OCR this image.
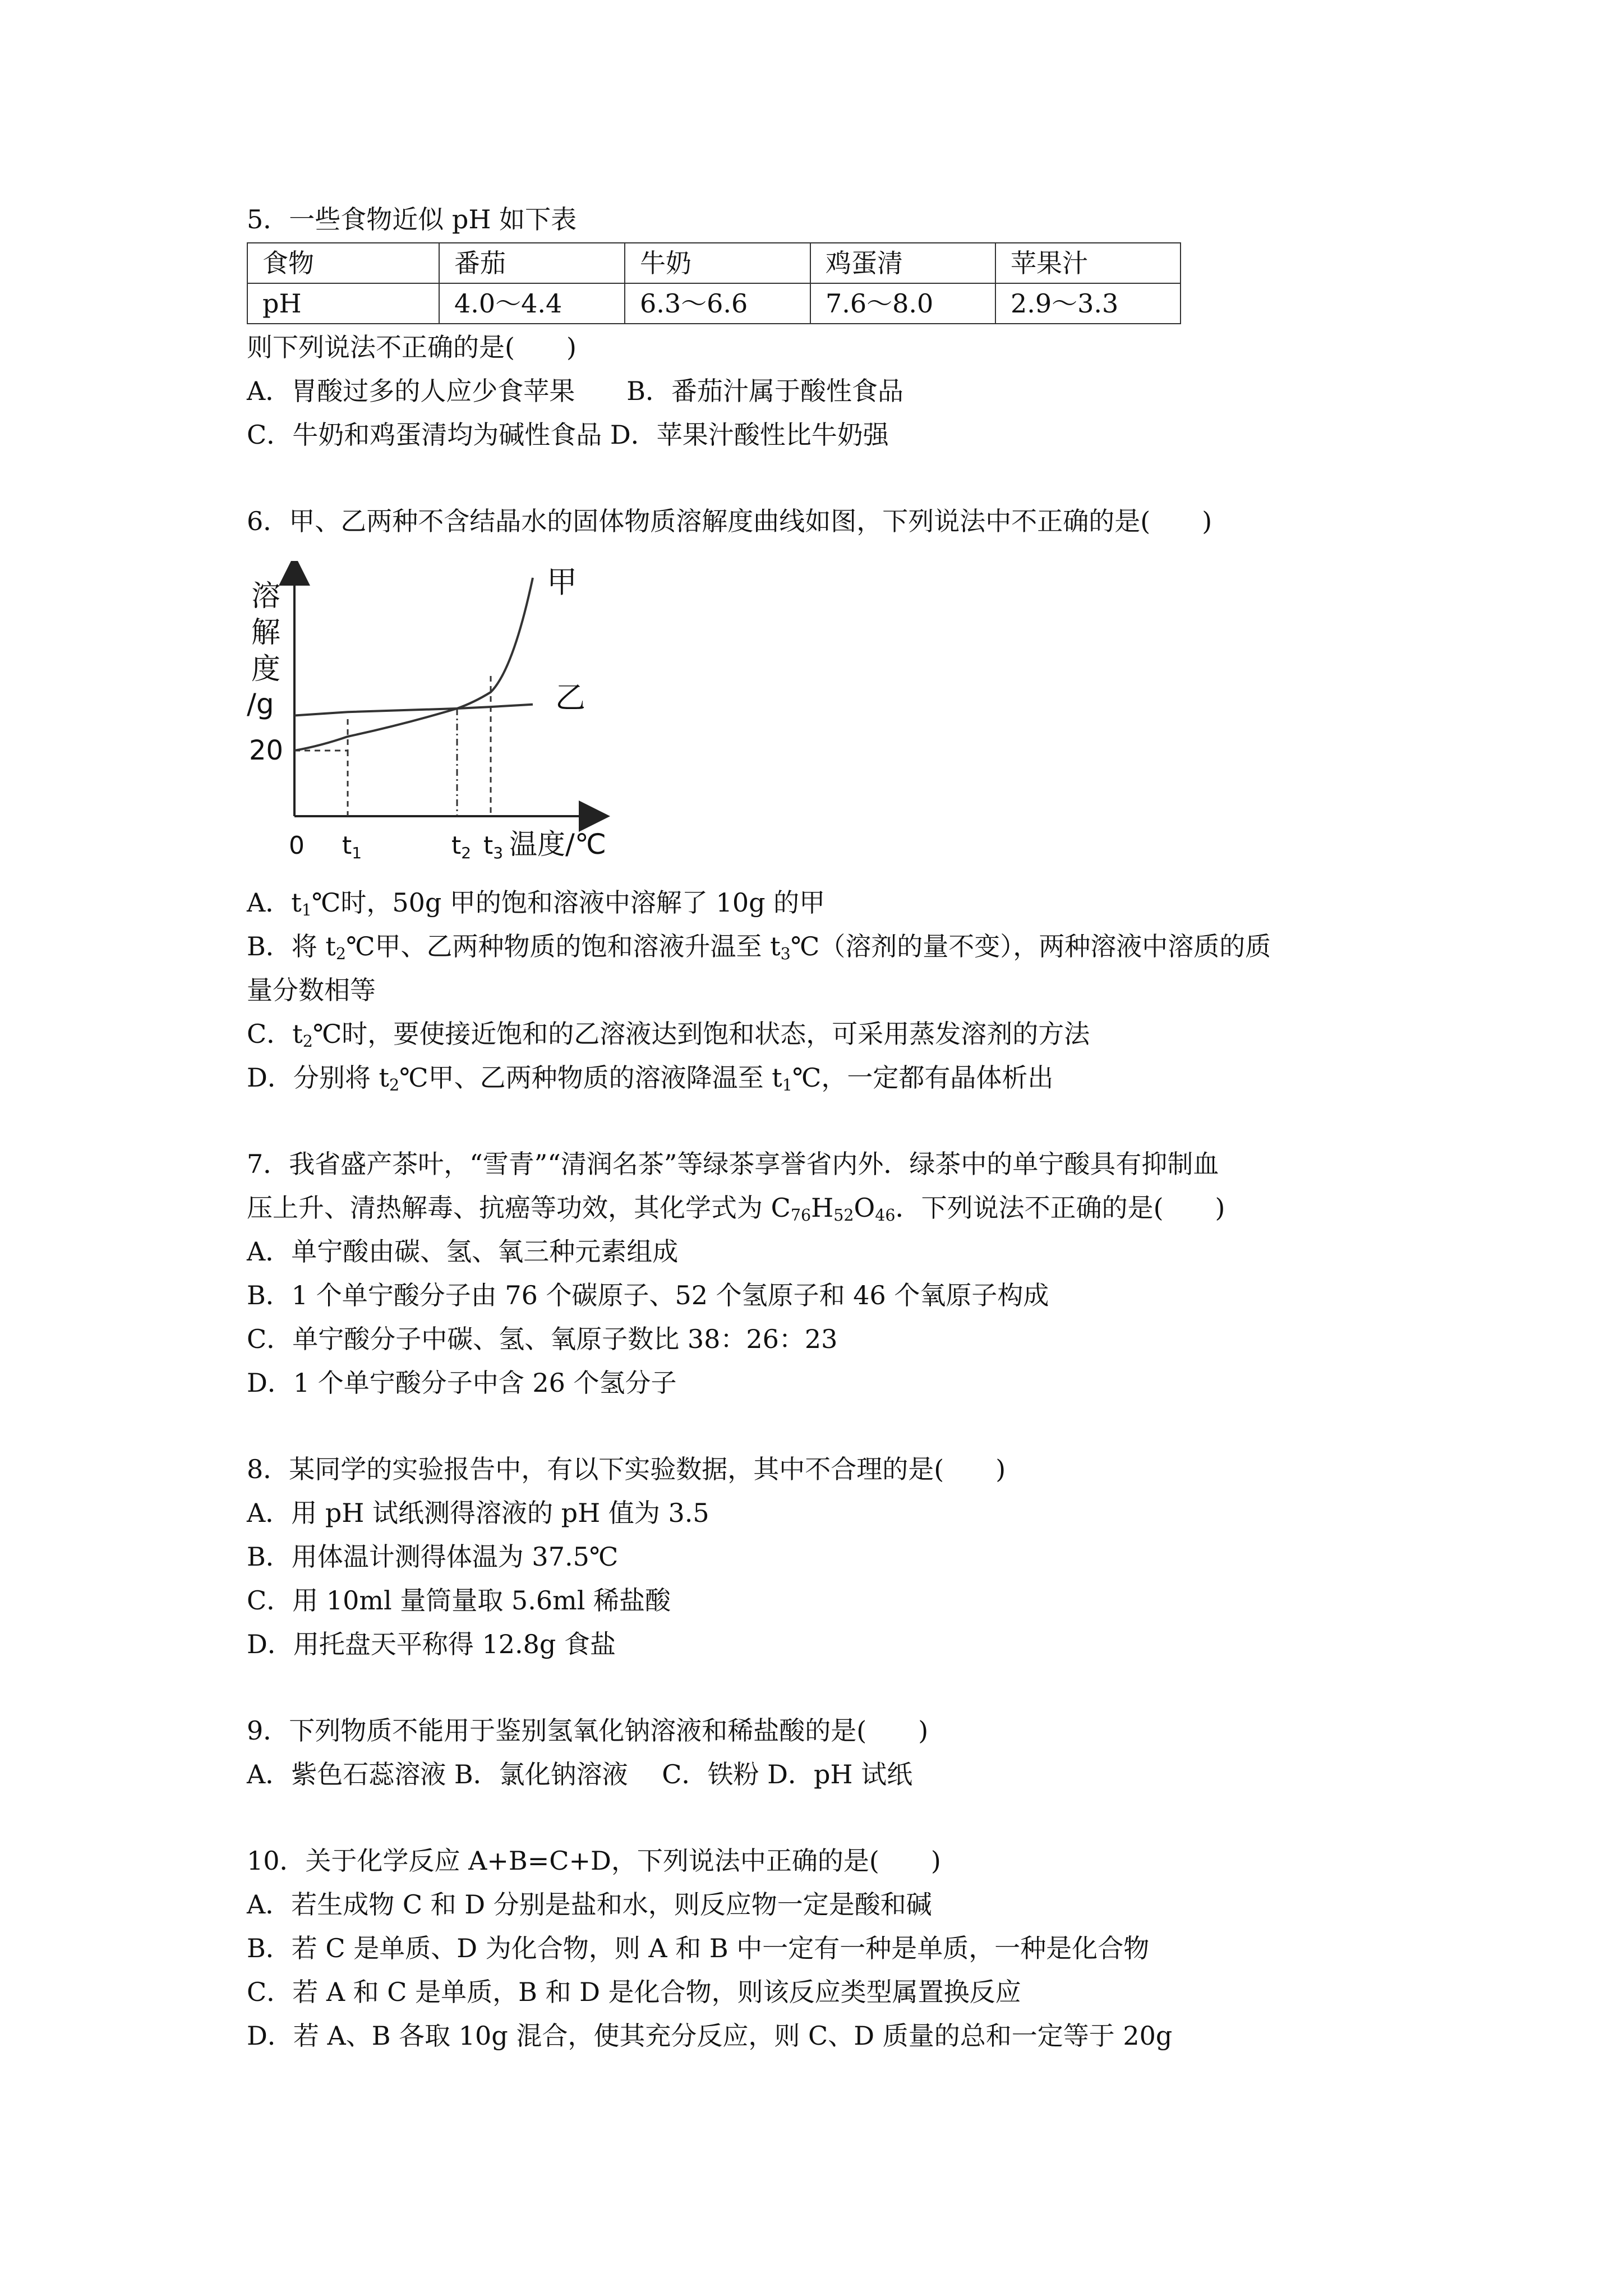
5．一些食物近似 pH 如下表
食物	番茄	牛奶	鸡蛋清	苹果汁
pH	4.0～4.4	6.3～6.6	7.6～8.0	2.9～3.3
则下列说法不正确的是(　　)
A．胃酸过多的人应少食苹果　　B．番茄汁属于酸性食品
C．牛奶和鸡蛋清均为碱性食品 D．苹果汁酸性比牛奶强
6．甲、乙两种不含结晶水的固体物质溶解度曲线如图，下列说法中不正确的是(　　)
溶
解
度
/g
20
0 t1	t2 t3 温度/℃
甲
乙
A．$t_1℃$时，50g 甲的饱和溶液中溶解了 10g 的甲
B．将 $t_2℃$甲、乙两种物质的饱和溶液升温至 $t_3℃$（溶剂的量不变），两种溶液中溶质的质
量分数相等
C．$t_2℃$时，要使接近饱和的乙溶液达到饱和状态，可采用蒸发溶剂的方法
D．分别将 $t_2℃$甲、乙两种物质的溶液降温至 $t_1℃$，一定都有晶体析出
7．我省盛产茶叶，“雪青”“清润名茶”等绿茶享誉省内外．绿茶中的单宁酸具有抑制血
压上升、清热解毒、抗癌等功效，其化学式为 $C_{76}H_{52}O_{46}$．下列说法不正确的是(　　)
A．单宁酸由碳、氢、氧三种元素组成
B．1 个单宁酸分子由 76 个碳原子、52 个氢原子和 46 个氧原子构成
C．单宁酸分子中碳、氢、氧原子数比 38：26：23
D．1 个单宁酸分子中含 26 个氢分子
8．某同学的实验报告中，有以下实验数据，其中不合理的是(　　)
A．用 pH 试纸测得溶液的 pH 值为 3.5
B．用体温计测得体温为 37.5℃
C．用 10ml 量筒量取 5.6ml 稀盐酸
D．用托盘天平称得 12.8g 食盐
9．下列物质不能用于鉴别氢氧化钠溶液和稀盐酸的是(　　)
A．紫色石蕊溶液 B．氯化钠溶液　 C．铁粉 D．pH 试纸
10．关于化学反应 A+B=C+D，下列说法中正确的是(　　)
A．若生成物 C 和 D 分别是盐和水，则反应物一定是酸和碱
B．若 C 是单质、D 为化合物，则 A 和 B 中一定有一种是单质，一种是化合物
C．若 A 和 C 是单质，B 和 D 是化合物，则该反应类型属置换反应
D．若 A、B 各取 10g 混合，使其充分反应，则 C、D 质量的总和一定等于 20g
